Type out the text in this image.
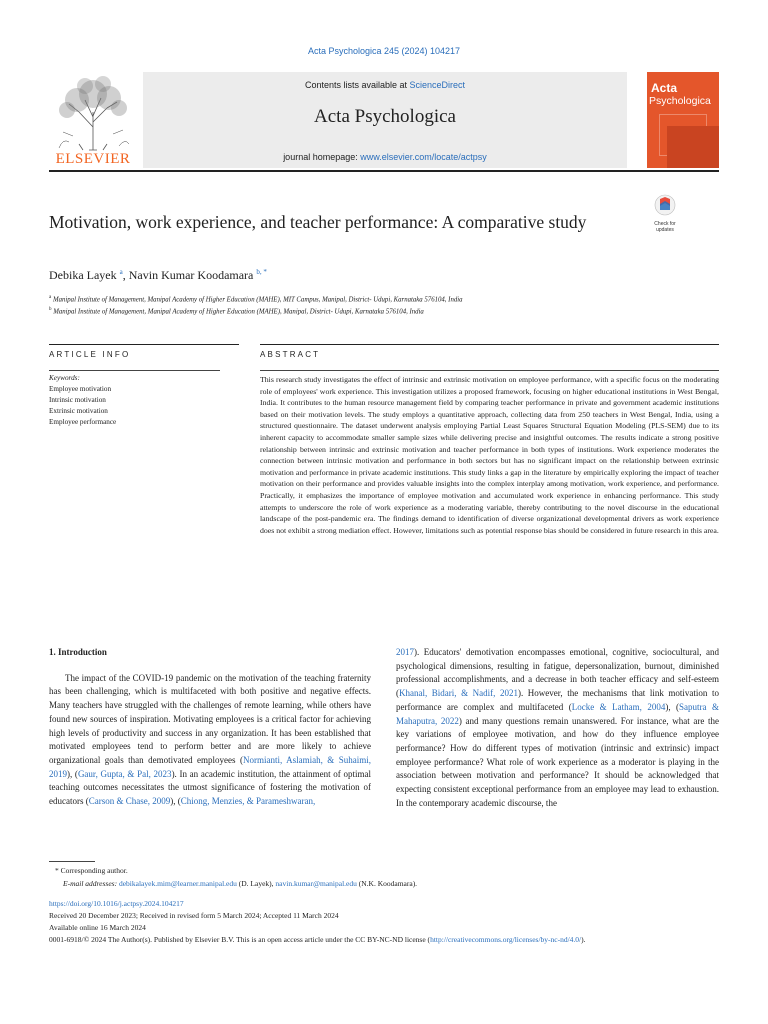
Acta Psychologica 245 (2024) 104217
ELSEVIER
Contents lists available at ScienceDirect
Acta Psychologica
journal homepage: www.elsevier.com/locate/actpsy
Acta
Psychologica
Check for updates
Motivation, work experience, and teacher performance: A comparative study
Debika Layek $^a$, Navin Kumar Koodamara $^{b, *}$
$^a$ Manipal Institute of Management, Manipal Academy of Higher Education (MAHE), MIT Campus, Manipal, District- Udupi, Karnataka 576104, India
$^b$ Manipal Institute of Management, Manipal Academy of Higher Education (MAHE), Manipal, District- Udupi, Karnataka 576104, India
ARTICLE INFO	ABSTRACT
Keywords:
Employee motivation
Intrinsic motivation
Extrinsic motivation
Employee performance
This research study investigates the effect of intrinsic and extrinsic motivation on employee performance, with a specific focus on the moderating role of employees' work experience. This investigation utilizes a proposed framework, focusing on higher educational institutions in West Bengal, India. It contributes to the human resource management field by comparing teacher performance in private and government academic institutions based on their motivation levels. The study employs a quantitative approach, collecting data from 250 teachers in West Bengal, India, using a structured questionnaire. The dataset underwent analysis employing Partial Least Squares Structural Equation Modeling (PLS-SEM) due to its inherent capacity to accommodate smaller sample sizes while delivering precise and insightful outcomes. The results indicate a strong positive relationship between intrinsic and extrinsic motivation and teacher performance in both types of institutions. Work experience moderates the connection between intrinsic motivation and performance in both sectors but has no significant impact on the relationship between extrinsic motivation and performance in private academic institutions. This study links a gap in the literature by empirically exploring the impact of teacher motivation on their performance and provides valuable insights into the complex interplay among motivation, work experience, and performance. Practically, it emphasizes the importance of employee motivation and accumulated work experience in enhancing performance. This study attempts to underscore the role of work experience as a moderating variable, thereby contributing to the novel discourse in the educational landscape of the post-pandemic era. The findings demand to identification of diverse organizational developmental drivers as work experience does not exhibit a strong mediation effect. However, limitations such as potential response bias should be considered in future research in this area.
1. Introduction

The impact of the COVID-19 pandemic on the motivation of the teaching fraternity has been challenging, which is multifaceted with both positive and negative effects. Many teachers have struggled with the challenges of remote learning, while others have found new sources of inspiration. Motivating employees is a critical factor for achieving high levels of productivity and success in any organization. It has been established that motivated employees tend to perform better and are more likely to achieve organizational goals than demotivated employees (Normianti, Aslamiah, & Suhaimi, 2019), (Gaur, Gupta, & Pal, 2023). In an academic institution, the attainment of optimal teaching outcomes necessitates the utmost significance of fostering the motivation of educators (Carson & Chase, 2009), (Chiong, Menzies, & Parameshwaran,

2017). Educators' demotivation encompasses emotional, cognitive, sociocultural, and psychological dimensions, resulting in fatigue, depersonalization, burnout, diminished professional accomplishments, and a decrease in both teacher efficacy and self-esteem (Khanal, Bidari, & Nadif, 2021). However, the mechanisms that link motivation to performance are complex and multifaceted (Locke & Latham, 2004), (Saputra & Mahaputra, 2022) and many questions remain unanswered. For instance, what are the key variations of employee motivation, and how do they influence employee performance? How do different types of motivation (intrinsic and extrinsic) impact employee performance? What role of work experience as a moderator is playing in the association between motivation and performance? It should be acknowledged that expecting consistent exceptional performance from an employee may lead to exhaustion. In the contemporary academic discourse, the

* Corresponding author.
E-mail addresses: debikalayek.mim@learner.manipal.edu (D. Layek), navin.kumar@manipal.edu (N.K. Koodamara).
https://doi.org/10.1016/j.actpsy.2024.104217
Received 20 December 2023; Received in revised form 5 March 2024; Accepted 11 March 2024
Available online 16 March 2024
0001-6918/© 2024 The Author(s). Published by Elsevier B.V. This is an open access article under the CC BY-NC-ND license (http://creativecommons.org/licenses/by-nc-nd/4.0/).
